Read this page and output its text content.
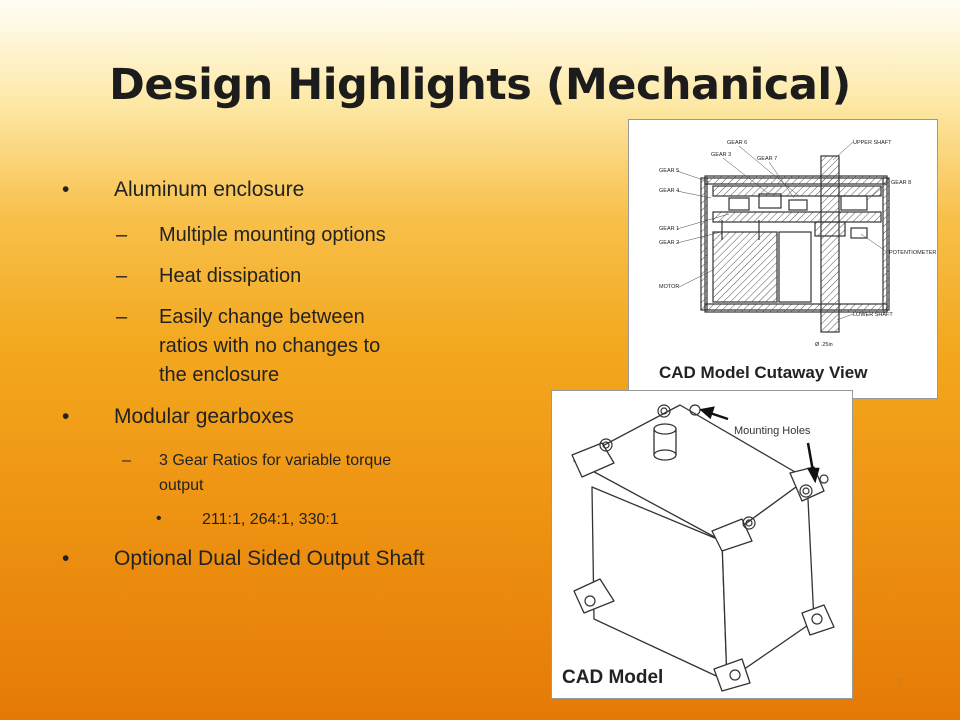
Design Highlights (Mechanical)
•	Aluminum enclosure
– Multiple mounting options
– Heat dissipation
– Easily change between ratios with no changes to the enclosure
•	Modular gearboxes
– 3 Gear Ratios for variable torque output
•	211:1, 264:1, 330:1
•	Optional Dual Sided Output Shaft
GEAR 5
GEAR 4
GEAR 1
GEAR 2
MOTOR
GEAR 6
GEAR 3
GEAR 7
UPPER SHAFT
GEAR 8
POTENTIOMETER
LOWER SHAFT
Ø .25in
CAD Model Cutaway View
Mounting Holes
CAD Model	7
